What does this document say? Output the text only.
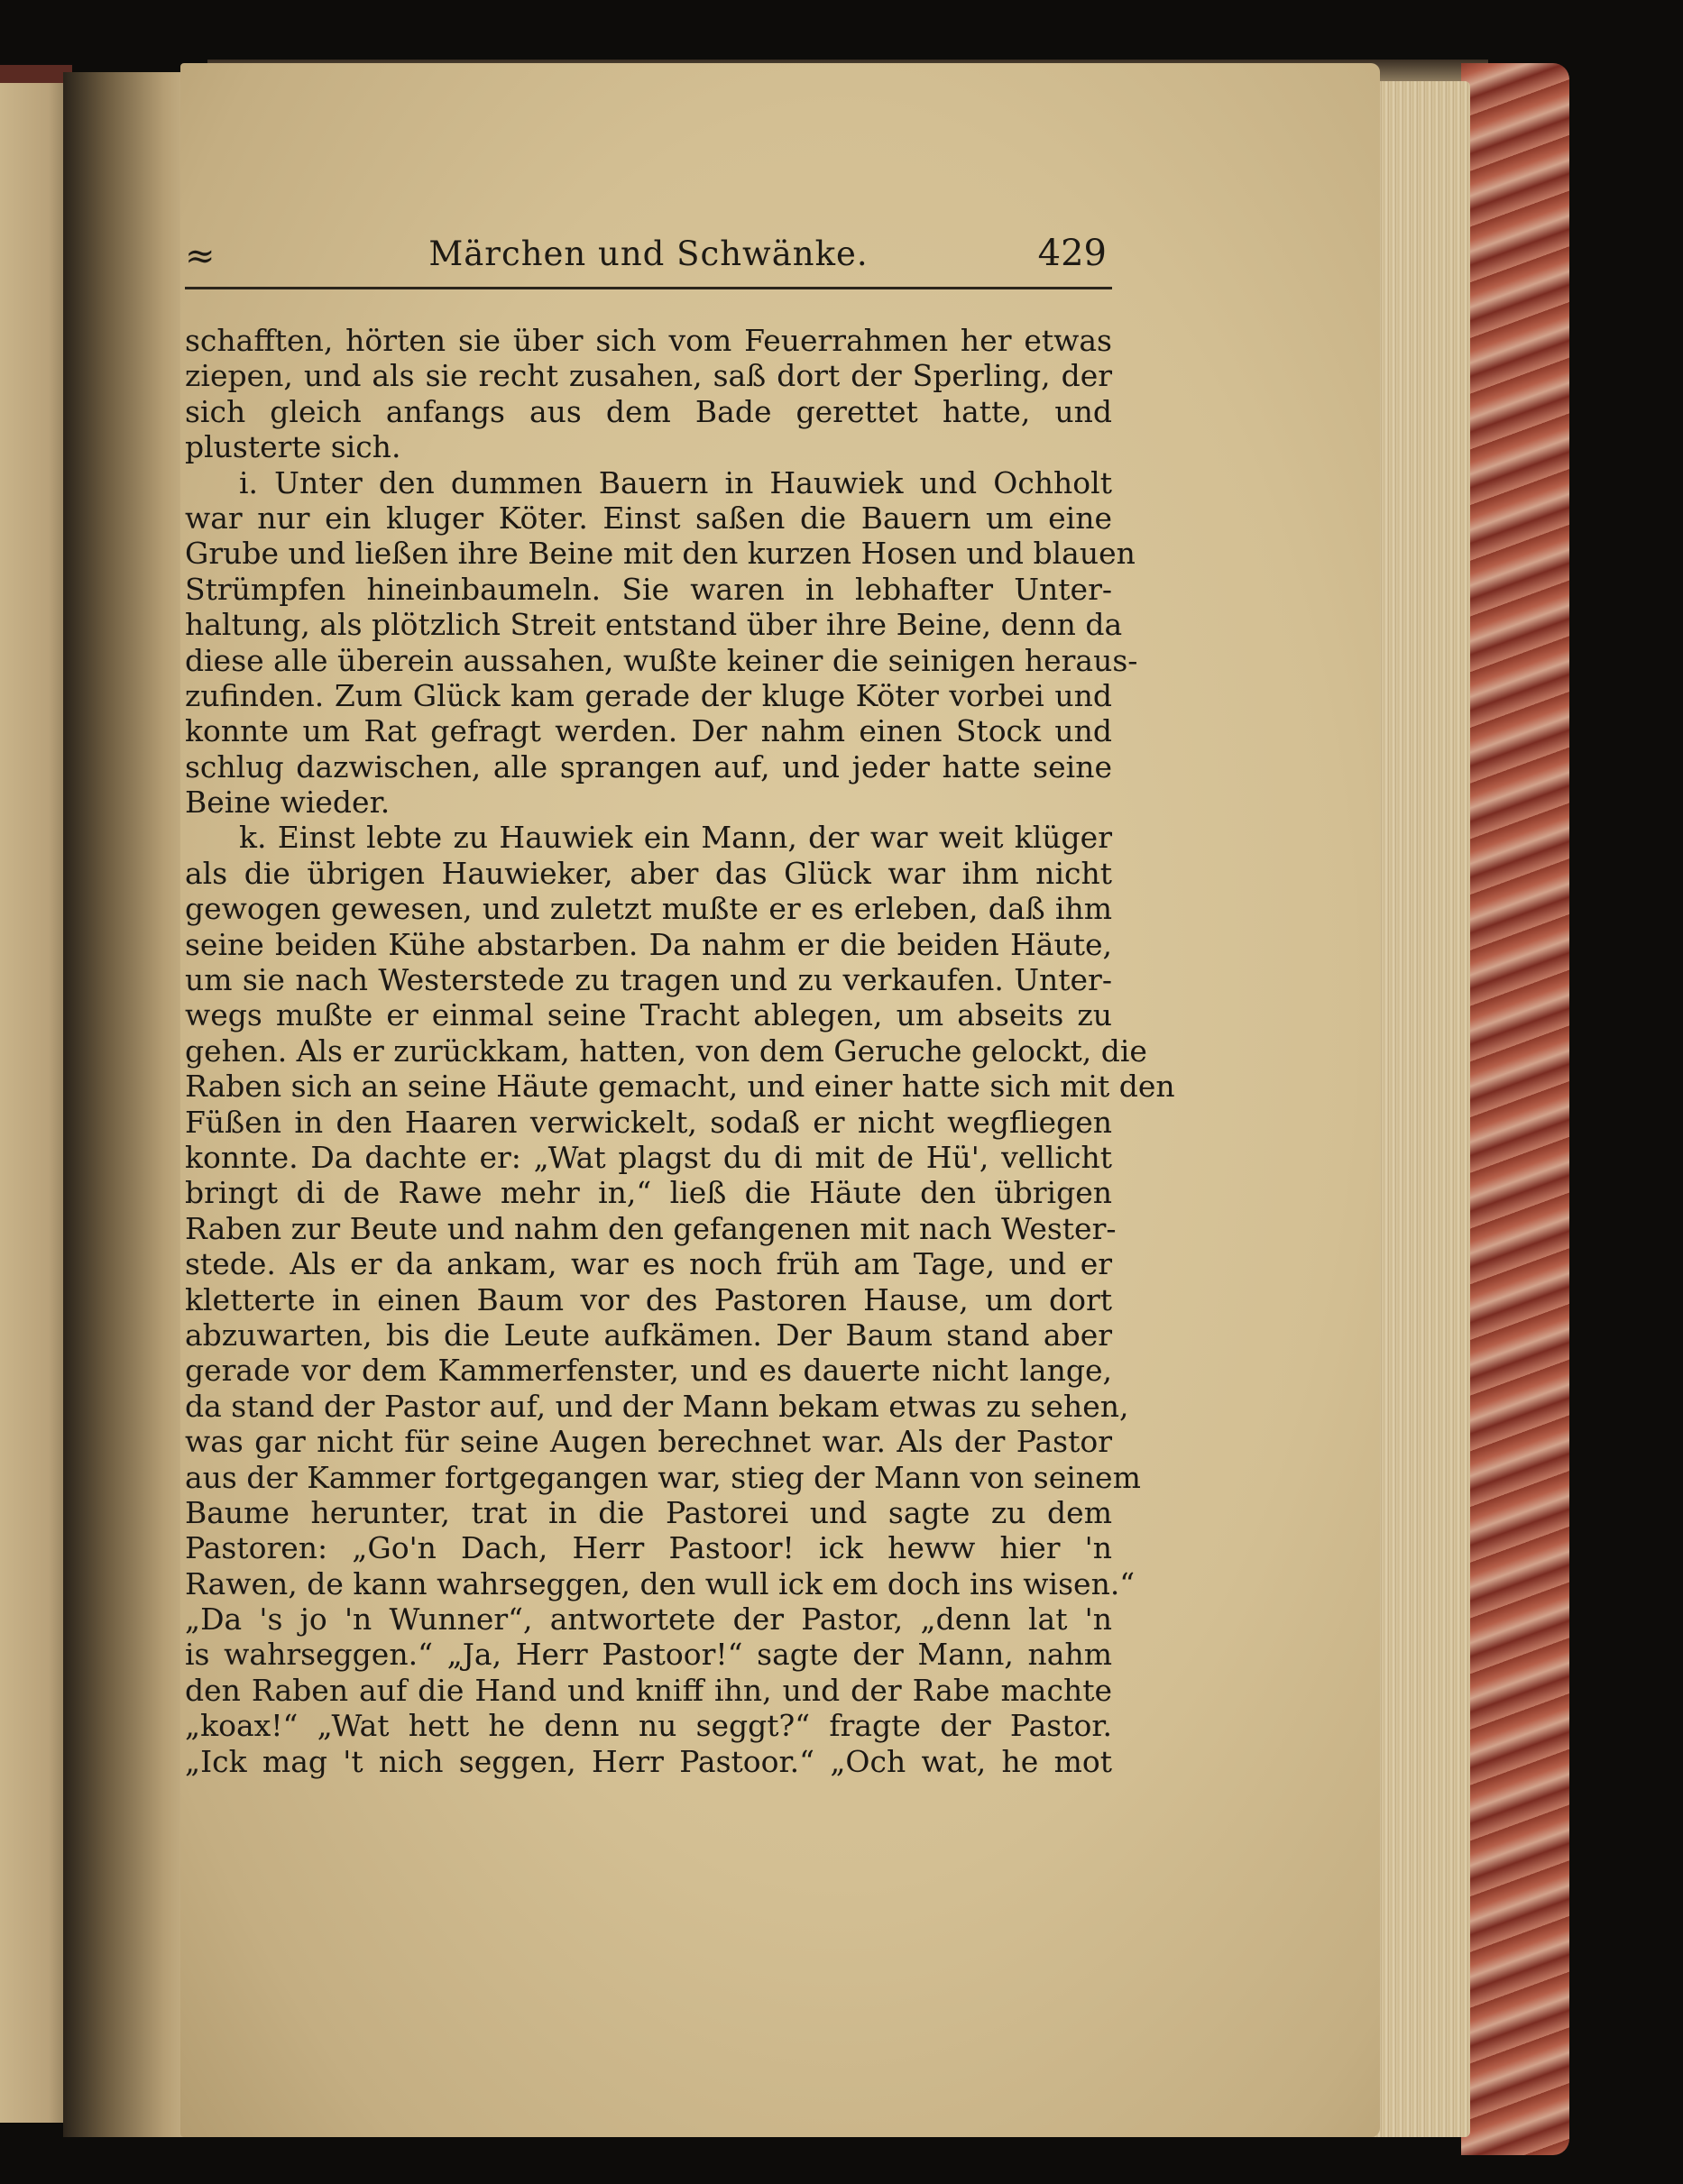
≈	Märchen und Schwänke.	429
schafften, hörten sie über sich vom Feuerrahmen her etwas
ziepen, und als sie recht zusahen, saß dort der Sperling, der
sich gleich anfangs aus dem Bade gerettet hatte, und
plusterte sich.
i. Unter den dummen Bauern in Hauwiek und Ochholt
war nur ein kluger Köter. Einst saßen die Bauern um eine
Grube und ließen ihre Beine mit den kurzen Hosen und blauen
Strümpfen hineinbaumeln. Sie waren in lebhafter Unter-
haltung, als plötzlich Streit entstand über ihre Beine, denn da
diese alle überein aussahen, wußte keiner die seinigen heraus-
zufinden. Zum Glück kam gerade der kluge Köter vorbei und
konnte um Rat gefragt werden. Der nahm einen Stock und
schlug dazwischen, alle sprangen auf, und jeder hatte seine
Beine wieder.
k. Einst lebte zu Hauwiek ein Mann, der war weit klüger
als die übrigen Hauwieker, aber das Glück war ihm nicht
gewogen gewesen, und zuletzt mußte er es erleben, daß ihm
seine beiden Kühe abstarben. Da nahm er die beiden Häute,
um sie nach Westerstede zu tragen und zu verkaufen. Unter-
wegs mußte er einmal seine Tracht ablegen, um abseits zu
gehen. Als er zurückkam, hatten, von dem Geruche gelockt, die
Raben sich an seine Häute gemacht, und einer hatte sich mit den
Füßen in den Haaren verwickelt, sodaß er nicht wegfliegen
konnte. Da dachte er: „Wat plagst du di mit de Hü', vellicht
bringt di de Rawe mehr in,“ ließ die Häute den übrigen
Raben zur Beute und nahm den gefangenen mit nach Wester-
stede. Als er da ankam, war es noch früh am Tage, und er
kletterte in einen Baum vor des Pastoren Hause, um dort
abzuwarten, bis die Leute aufkämen. Der Baum stand aber
gerade vor dem Kammerfenster, und es dauerte nicht lange,
da stand der Pastor auf, und der Mann bekam etwas zu sehen,
was gar nicht für seine Augen berechnet war. Als der Pastor
aus der Kammer fortgegangen war, stieg der Mann von seinem
Baume herunter, trat in die Pastorei und sagte zu dem
Pastoren: „Go'n Dach, Herr Pastoor! ick heww hier 'n
Rawen, de kann wahrseggen, den wull ick em doch ins wisen.“
„Da 's jo 'n Wunner“, antwortete der Pastor, „denn lat 'n
is wahrseggen.“ „Ja, Herr Pastoor!“ sagte der Mann, nahm
den Raben auf die Hand und kniff ihn, und der Rabe machte
„koax!“ „Wat hett he denn nu seggt?“ fragte der Pastor.
„Ick mag 't nich seggen, Herr Pastoor.“ „Och wat, he mot
